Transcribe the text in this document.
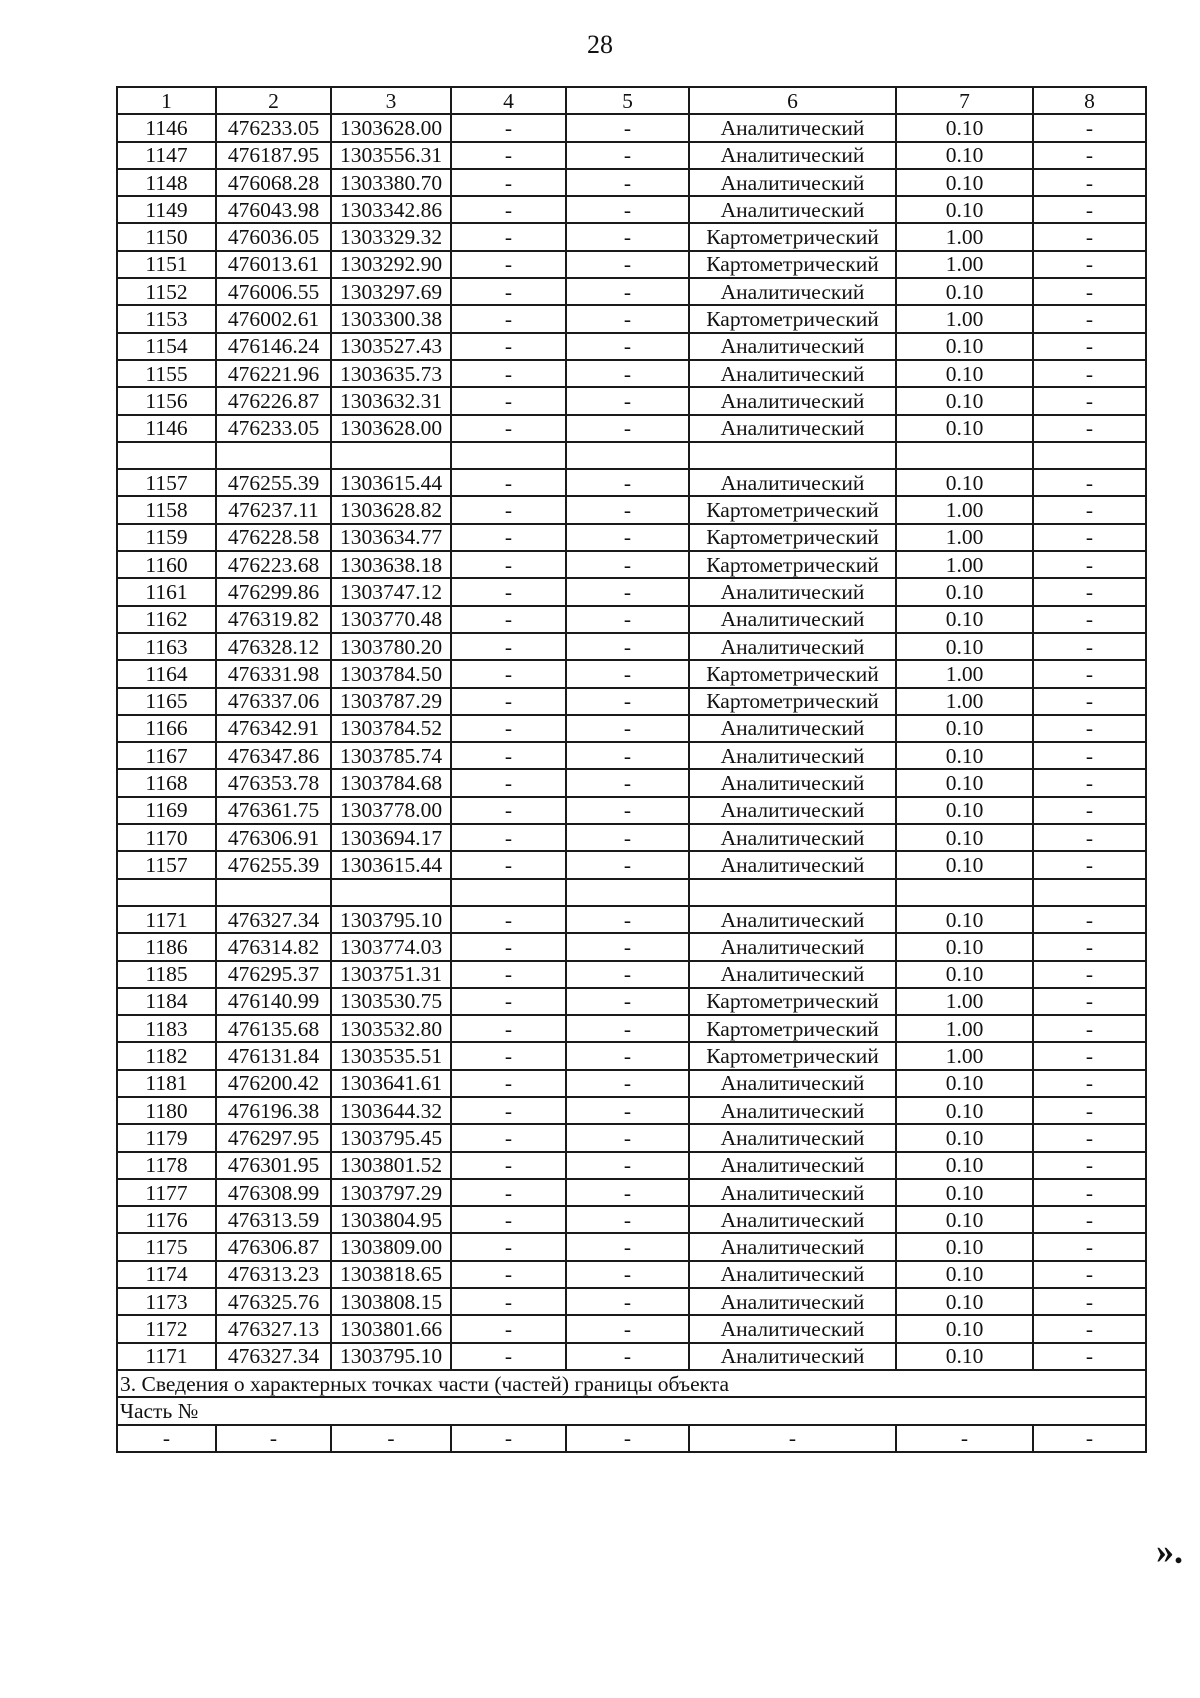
28
1	2	3	4	5	6	7	8
1146	476233.05	1303628.00	-	-	Аналитический	0.10	-
1147	476187.95	1303556.31	-	-	Аналитический	0.10	-
1148	476068.28	1303380.70	-	-	Аналитический	0.10	-
1149	476043.98	1303342.86	-	-	Аналитический	0.10	-
1150	476036.05	1303329.32	-	-	Картометрический	1.00	-
1151	476013.61	1303292.90	-	-	Картометрический	1.00	-
1152	476006.55	1303297.69	-	-	Аналитический	0.10	-
1153	476002.61	1303300.38	-	-	Картометрический	1.00	-
1154	476146.24	1303527.43	-	-	Аналитический	0.10	-
1155	476221.96	1303635.73	-	-	Аналитический	0.10	-
1156	476226.87	1303632.31	-	-	Аналитический	0.10	-
1146	476233.05	1303628.00	-	-	Аналитический	0.10	-

1157	476255.39	1303615.44	-	-	Аналитический	0.10	-
1158	476237.11	1303628.82	-	-	Картометрический	1.00	-
1159	476228.58	1303634.77	-	-	Картометрический	1.00	-
1160	476223.68	1303638.18	-	-	Картометрический	1.00	-
1161	476299.86	1303747.12	-	-	Аналитический	0.10	-
1162	476319.82	1303770.48	-	-	Аналитический	0.10	-
1163	476328.12	1303780.20	-	-	Аналитический	0.10	-
1164	476331.98	1303784.50	-	-	Картометрический	1.00	-
1165	476337.06	1303787.29	-	-	Картометрический	1.00	-
1166	476342.91	1303784.52	-	-	Аналитический	0.10	-
1167	476347.86	1303785.74	-	-	Аналитический	0.10	-
1168	476353.78	1303784.68	-	-	Аналитический	0.10	-
1169	476361.75	1303778.00	-	-	Аналитический	0.10	-
1170	476306.91	1303694.17	-	-	Аналитический	0.10	-
1157	476255.39	1303615.44	-	-	Аналитический	0.10	-

1171	476327.34	1303795.10	-	-	Аналитический	0.10	-
1186	476314.82	1303774.03	-	-	Аналитический	0.10	-
1185	476295.37	1303751.31	-	-	Аналитический	0.10	-
1184	476140.99	1303530.75	-	-	Картометрический	1.00	-
1183	476135.68	1303532.80	-	-	Картометрический	1.00	-
1182	476131.84	1303535.51	-	-	Картометрический	1.00	-
1181	476200.42	1303641.61	-	-	Аналитический	0.10	-
1180	476196.38	1303644.32	-	-	Аналитический	0.10	-
1179	476297.95	1303795.45	-	-	Аналитический	0.10	-
1178	476301.95	1303801.52	-	-	Аналитический	0.10	-
1177	476308.99	1303797.29	-	-	Аналитический	0.10	-
1176	476313.59	1303804.95	-	-	Аналитический	0.10	-
1175	476306.87	1303809.00	-	-	Аналитический	0.10	-
1174	476313.23	1303818.65	-	-	Аналитический	0.10	-
1173	476325.76	1303808.15	-	-	Аналитический	0.10	-
1172	476327.13	1303801.66	-	-	Аналитический	0.10	-
1171	476327.34	1303795.10	-	-	Аналитический	0.10	-
3. Сведения о характерных точках части (частей) границы объекта							
Часть №							
-	-	-	-	-	-	-	-
».
